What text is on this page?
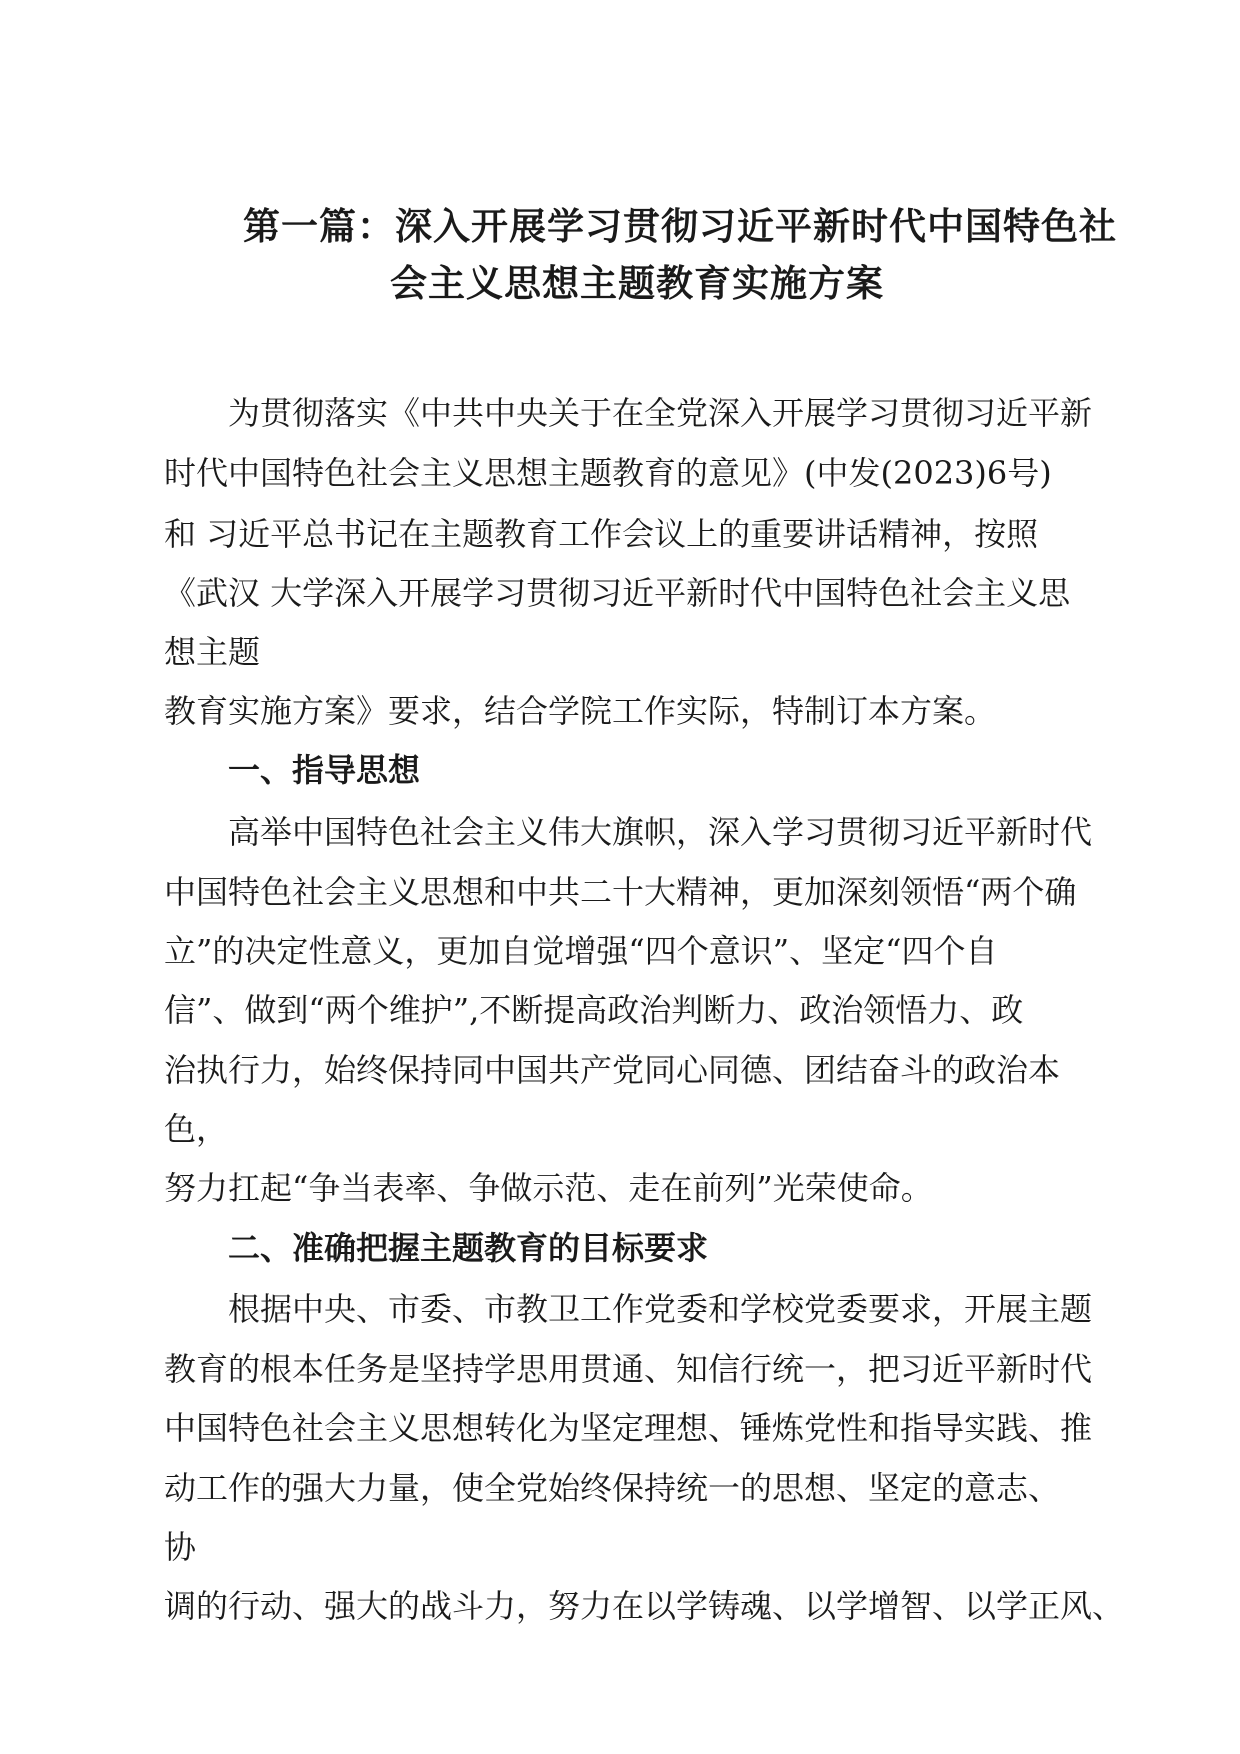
第一篇：深入开展学习贯彻习近平新时代中国特色社
会主义思想主题教育实施方案
为贯彻落实《中共中央关于在全党深入开展学习贯彻习近平新
时代中国特色社会主义思想主题教育的意见》(中发(2023)6号)
和 习近平总书记在主题教育工作会议上的重要讲话精神，按照
《武汉 大学深入开展学习贯彻习近平新时代中国特色社会主义思
想主题
教育实施方案》要求，结合学院工作实际，特制订本方案。
一、指导思想
高举中国特色社会主义伟大旗帜，深入学习贯彻习近平新时代
中国特色社会主义思想和中共二十大精神，更加深刻领悟“两个确
立”的决定性意义，更加自觉增强“四个意识”、坚定“四个自
信”、做到“两个维护”,不断提高政治判断力、政治领悟力、政
治执行力，始终保持同中国共产党同心同德、团结奋斗的政治本
色，
努力扛起“争当表率、争做示范、走在前列”光荣使命。
二、准确把握主题教育的目标要求
根据中央、市委、市教卫工作党委和学校党委要求，开展主题
教育的根本任务是坚持学思用贯通、知信行统一，把习近平新时代
中国特色社会主义思想转化为坚定理想、锤炼党性和指导实践、推
动工作的强大力量，使全党始终保持统一的思想、坚定的意志、
协
调的行动、强大的战斗力，努力在以学铸魂、以学增智、以学正风、
